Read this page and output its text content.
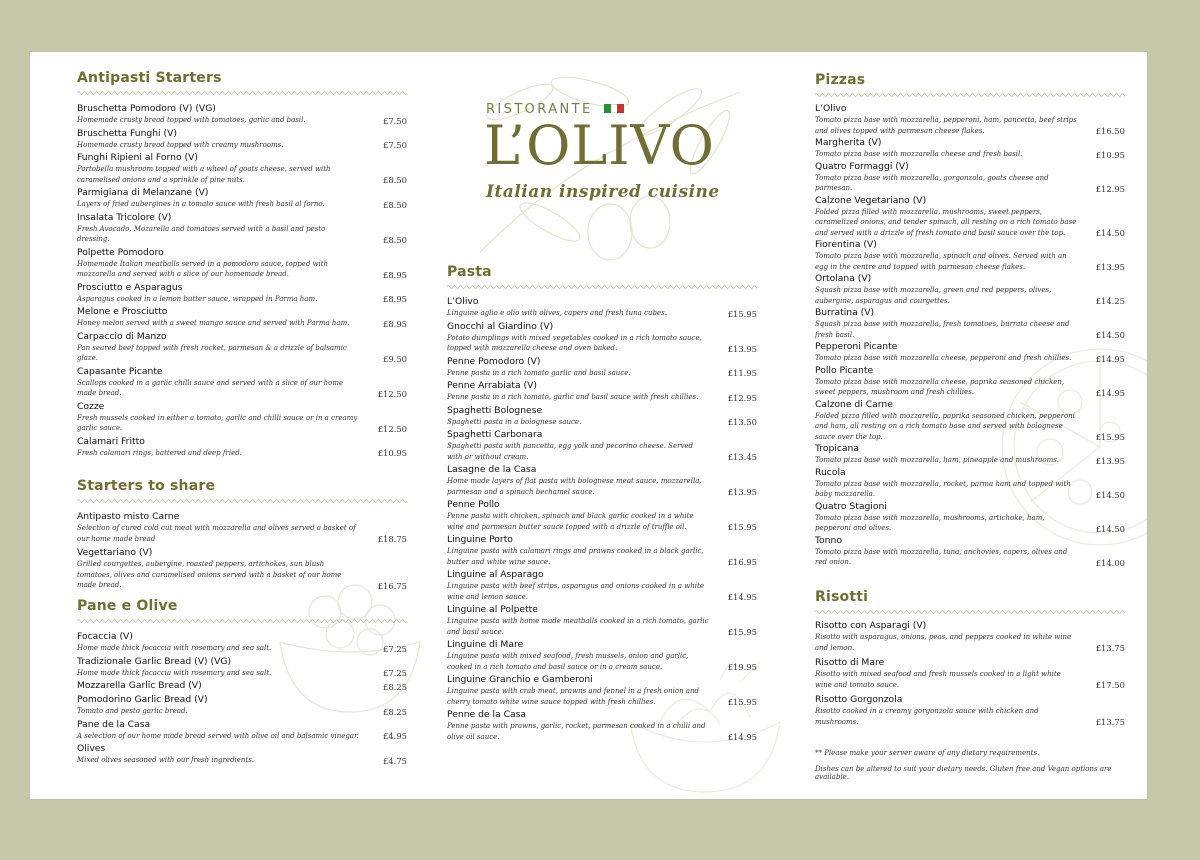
RISTORANTE
L’OLIVO
Italian inspired cuisine
Antipasti Starters
Bruschetta Pomodoro (V) (VG)
Homemade crusty bread topped with tomatoes, garlic and basil.	£7.50
Bruschetta Funghi (V)
Homemade crusty bread topped with creamy mushrooms.	£7.50
Funghi Ripieni al Forno (V)
Portobella mushroom topped with a wheel of goats cheese, served with caramelised onions and a sprinkle of pine nuts.	£8.50
Parmigiana di Melanzane (V)
Layers of fried aubergines in a tomato sauce with fresh basil al forno.	£8.50
Insalata Tricolore (V)
Fresh Avocado, Mozarella and tomatoes served with a basil and pesto dressing.	£8.50
Polpette Pomodoro
Homemade Italian meatballs served in a pomodoro sauce, topped with mozzarella and served with a slice of our homemade bread.	£8.95
Prosciutto e Asparagus
Asparagus cooked in a lemon butter sauce, wrapped in Parma ham.	£8.95
Melone e Prosciutto
Honey melon served with a sweet mango sauce and served with Parma ham.	£8.95
Carpaccio di Manzo
Pan seared beef topped with fresh rocket, parmesan & a drizzle of balsamic glaze.	£9.50
Capasante Picante
Scallops cooked in a garlic chilli sauce and served with a slice of our home made bread.	£12.50
Cozze
Fresh mussels cooked in either a tomato, garlic and chilli sauce or in a creamy garlic sauce.	£12.50
Calamari Fritto
Fresh calamari rings, battered and deep fried.	£10.95
Starters to share
Antipasto misto Carne
Selection of cured cold cut meat with mozzarella and olives served a basket of our home made bread	£18.75
Vegettariano (V)
Grilled courgettes, aubergine, roasted peppers, artichokes, sun blush tomatoes, olives and caramelised onions served with a basket of our home made bread.	£16.75
Pane e Olive
Focaccia (V)
Home made thick focaccia with rosemary and sea salt.	£7.25
Tradizionale Garlic Bread (V) (VG)
Home made thick focaccia with rosemary and sea salt.	£7.25
Mozzarella Garlic Bread (V)	£8.25
Pomodorino Garlic Bread (V)
Tomato and pesto garlic bread.	£8.25
Pane de la Casa
A selection of our home made bread served with olive oil and balsamic vinegar.	£4.95
Olives
Mixed olives seasoned with our fresh ingredients.	£4.75
Pasta
L’Olivo
Linguine aglio e olio with olives, capers and fresh tuna cubes.	£15.95
Gnocchi al Giardino (V)
Potato dumplings with mixed vegetables cooked in a rich tomato sauce, topped with mozzarella cheese and oven baked.	£13.95
Penne Pomodoro (V)
Penne pasta in a rich tomato garlic and basil sauce.	£11.95
Penne Arrabiata (V)
Penne pasta in a rich tomato, garlic and basil sauce with fresh chillies.	£12.95
Spaghetti Bolognese
Spaghetti pasta in a bolognese sauce.	£13.50
Spaghetti Carbonara
Spaghetti pasta with pancetta, egg yolk and pecorino cheese. Served with or without cream.	£13.45
Lasagne de la Casa
Home made layers of flat pasta with bolognese meat sauce, mozzarella, parmesan and a spinach bechamel sauce.	£13.95
Penne Pollo
Penne pasta with chicken, spinach and black garlic cooked in a white wine and parmesan butter sauce topped with a drizzle of truffle oil.	£15.95
Linguine Porto
Linguine pasta with calamari rings and prawns cooked in a black garlic, butter and white wine sauce.	£16.95
Linguine al Asparago
Linguine pasta with beef strips, asparagus and onions cooked in a white wine and lemon sauce.	£14.95
Linguine al Polpette
Linguine pasta with home made meatballs cooked in a rich tomato, garlic and basil sauce.	£15.95
Linguine di Mare
Linguine pasta with mixed seafood, fresh mussels, onion and garlic, cooked in a rich tomato and basil sauce or in a cream sauce.	£19.95
Linguine Granchio e Gamberoni
Linguine pasta with crab meat, prawns and fennel in a fresh onion and cherry tomato white wine sauce topped with fresh chillies.	£15.95
Penne de la Casa
Penne pasta with prawns, garlic, rocket, parmesan cooked in a chilli and olive oil sauce.	£14.95
Pizzas
L’Olivo
Tomato pizza base with mozzarella, pepperoni, ham, pancetta, beef strips and olives topped with parmesan cheese flakes.	£16.50
Margherita (V)
Tomato pizza base with mozzarella cheese and fresh basil.	£10.95
Quatro Formaggi (V)
Tomato pizza base with mozzarella, gorgonzola, goats cheese and parmesan.	£12.95
Calzone Vegetariano (V)
Folded pizza filled with mozzarella, mushrooms, sweet peppers, caramelized onions, and tender spinach, all resting on a rich tomato base and served with a drizzle of fresh tomato and basil sauce over the top.	£14.50
Fiorentina (V)
Tomato pizza base with mozzarella, spinach and olives. Served with an egg in the centre and topped with parmesan cheese flakes.	£13.95
Ortolana (V)
Squash pizza base with mozzarella, green and red peppers, olives, aubergine, asparagus and courgettes.	£14.25
Burratina (V)
Squash pizza base with mozzarella, fresh tomatoes, burrata cheese and fresh basil.	£14.50
Pepperoni Picante
Tomato pizza base with mozzarella cheese, pepperoni and fresh chillies.	£14.95
Pollo Picante
Tomato pizza base with mozzarella cheese, paprika seasoned chicken, sweet peppers, mushroom and fresh chillies.	£14.95
Calzone di Carne
Folded pizza filled with mozzarella, paprika seasoned chicken, pepperoni and ham, all resting on a rich tomato base and served with bolognese sauce over the top.	£15.95
Tropicana
Tomato pizza base with mozzarella, ham, pineapple and mushrooms.	£13.95
Rucola
Tomato pizza base with mozzarella, rocket, parma ham and topped with baby mozzarella.	£14.50
Quatro Stagioni
Tomato pizza base with mozzarella, mushrooms, artichoke, ham, pepperoni and olives.	£14.50
Tonno
Tomato pizza base with mozzarella, tuna, anchovies, capers, olives and red onion.	£14.00
Risotti
Risotto con Asparagi (V)
Risotto with asparagus, onions, peas, and peppers cooked in white wine and lemon.	£13.75
Risotto di Mare
Risotto with mixed seafood and fresh mussels cooked in a light white wine and tomato sauce.	£17.50
Risotto Gorgonzola
Risotto cooked in a creamy gorgonzola sauce with chicken and mushrooms.	£13.75
** Please make your server aware of any dietary requirements.
Dishes can be altered to suit your dietary needs. Gluten free and Vegan options are available.
